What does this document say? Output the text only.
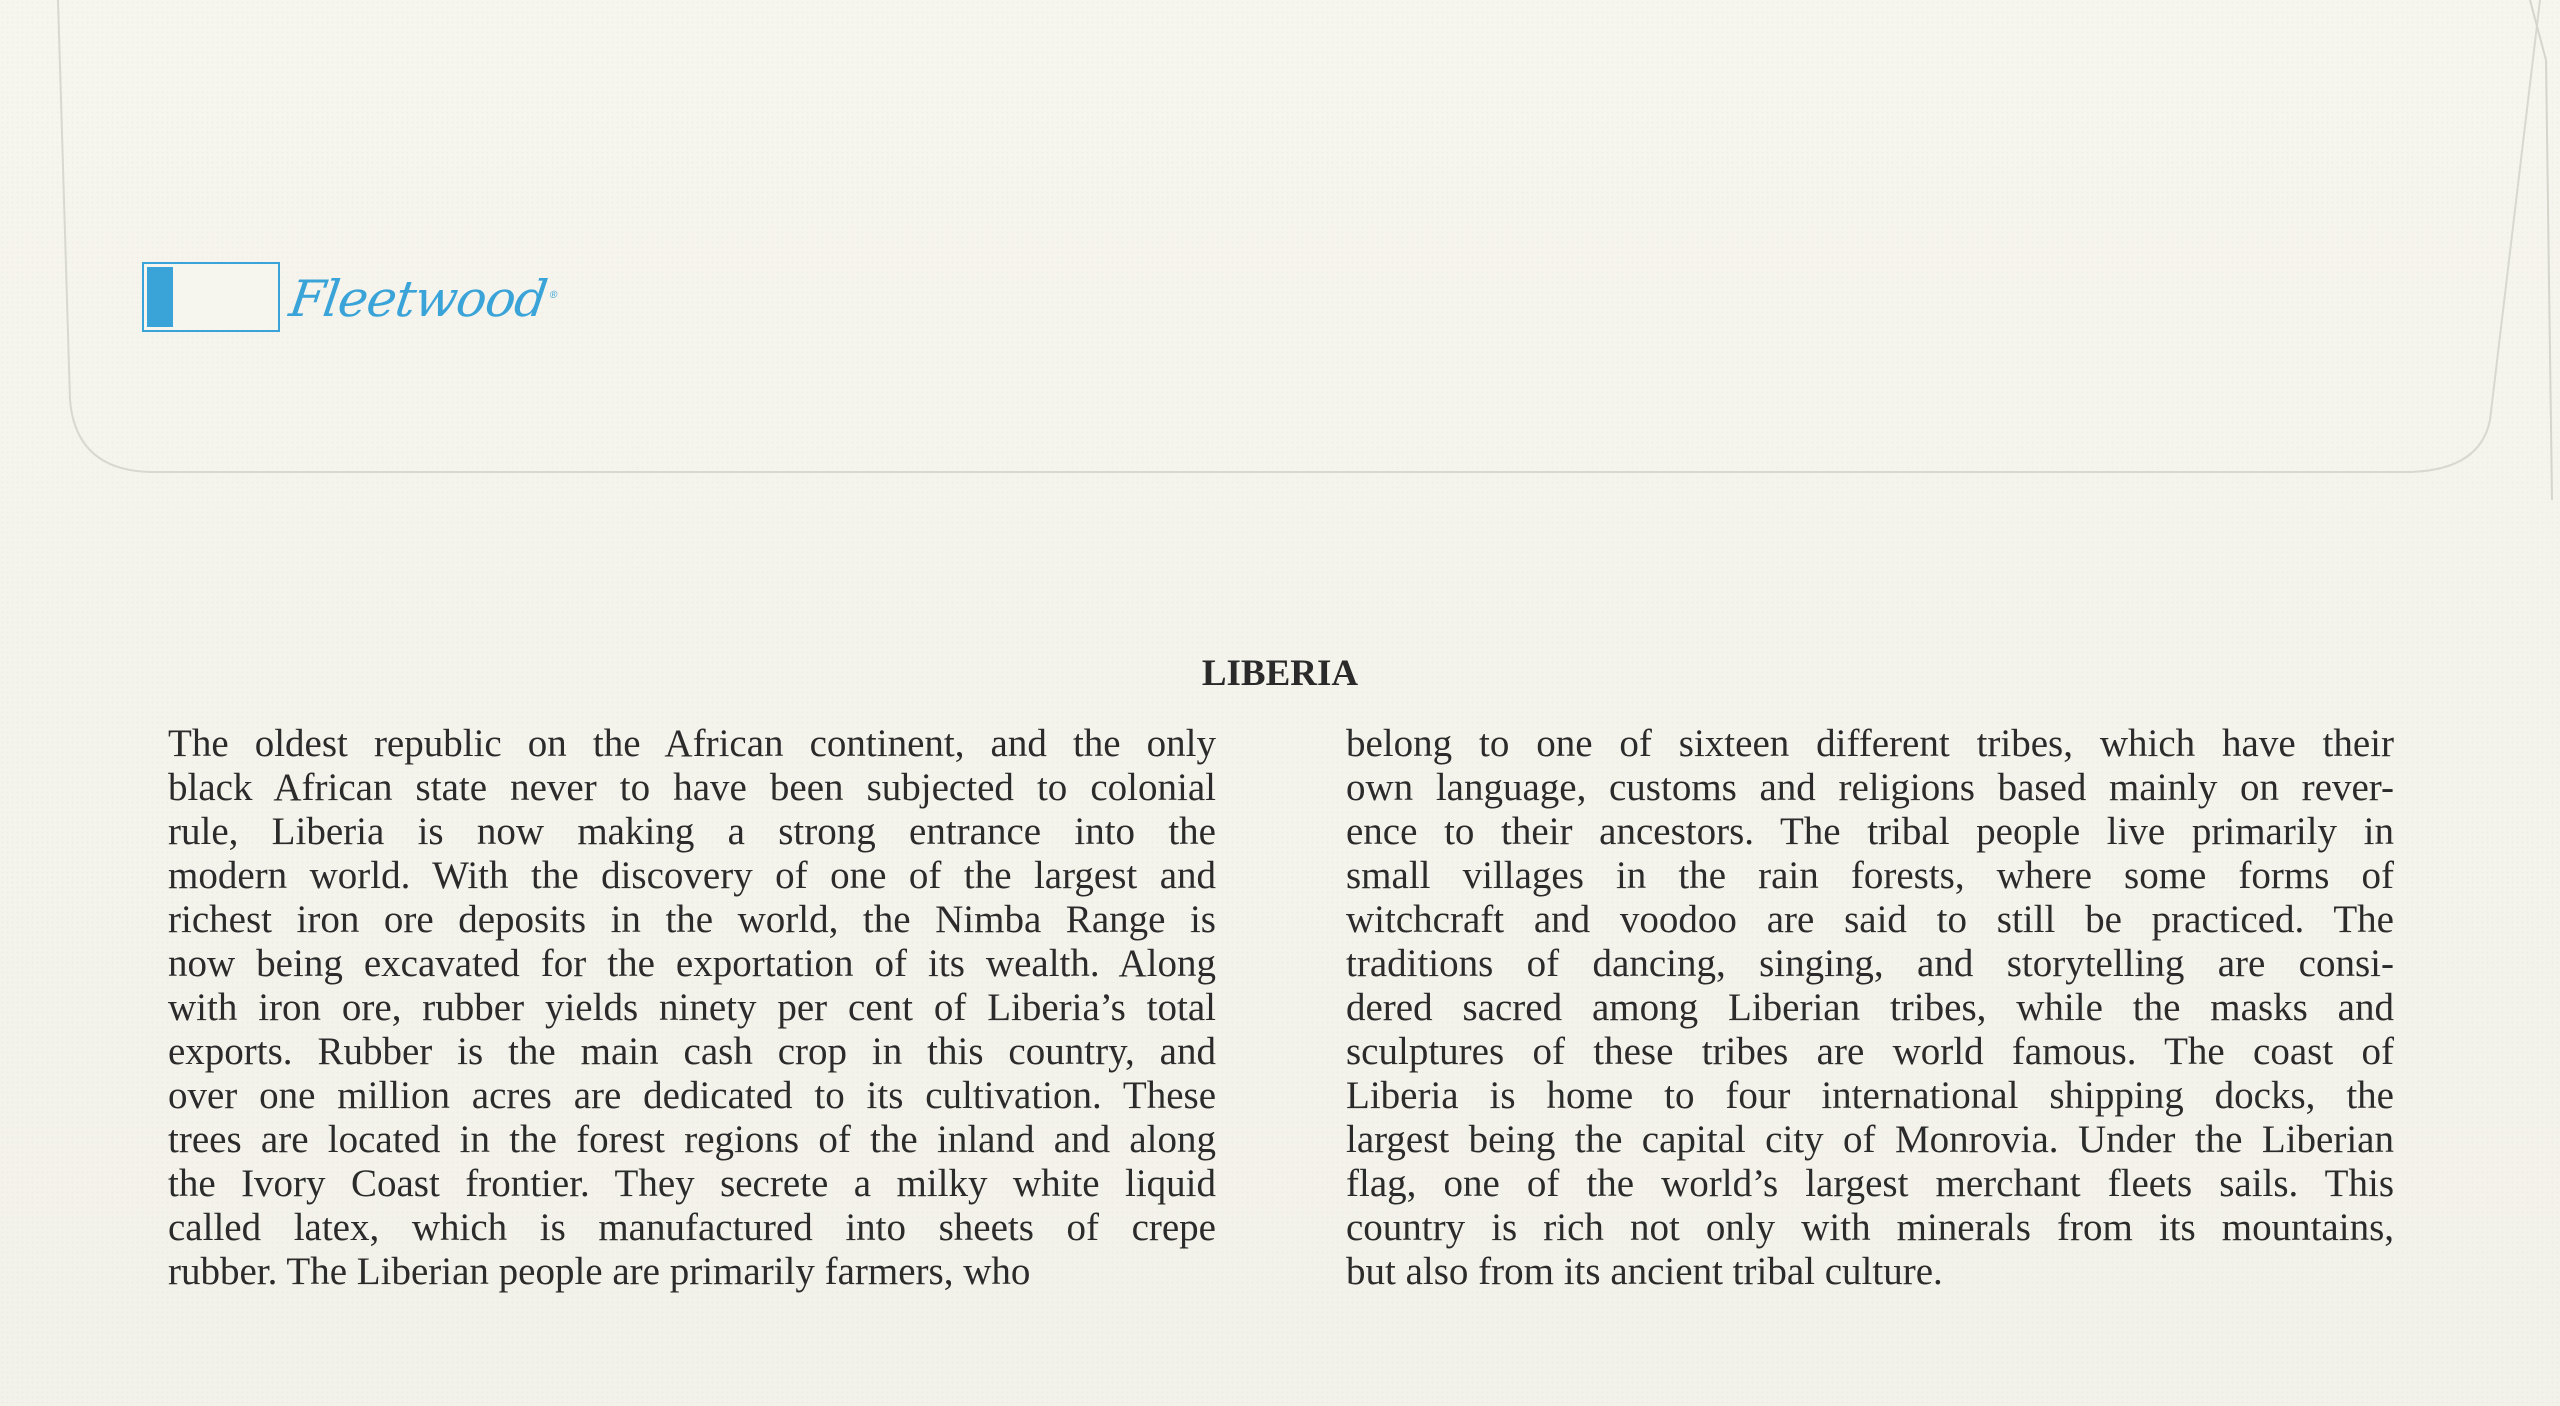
Fleetwood®
LIBERIA
The oldest republic on the African continent, and the only
black African state never to have been subjected to colonial
rule, Liberia is now making a strong entrance into the
modern world. With the discovery of one of the largest and
richest iron ore deposits in the world, the Nimba Range is
now being excavated for the exportation of its wealth. Along
with iron ore, rubber yields ninety per cent of Liberia’s total
exports. Rubber is the main cash crop in this country, and
over one million acres are dedicated to its cultivation. These
trees are located in the forest regions of the inland and along
the Ivory Coast frontier. They secrete a milky white liquid
called latex, which is manufactured into sheets of crepe
rubber. The Liberian people are primarily farmers, who
belong to one of sixteen different tribes, which have their
own language, customs and religions based mainly on rever-
ence to their ancestors. The tribal people live primarily in
small villages in the rain forests, where some forms of
witchcraft and voodoo are said to still be practiced. The
traditions of dancing, singing, and storytelling are consi-
dered sacred among Liberian tribes, while the masks and
sculptures of these tribes are world famous. The coast of
Liberia is home to four international shipping docks, the
largest being the capital city of Monrovia. Under the Liberian
flag, one of the world’s largest merchant fleets sails. This
country is rich not only with minerals from its mountains,
but also from its ancient tribal culture.
